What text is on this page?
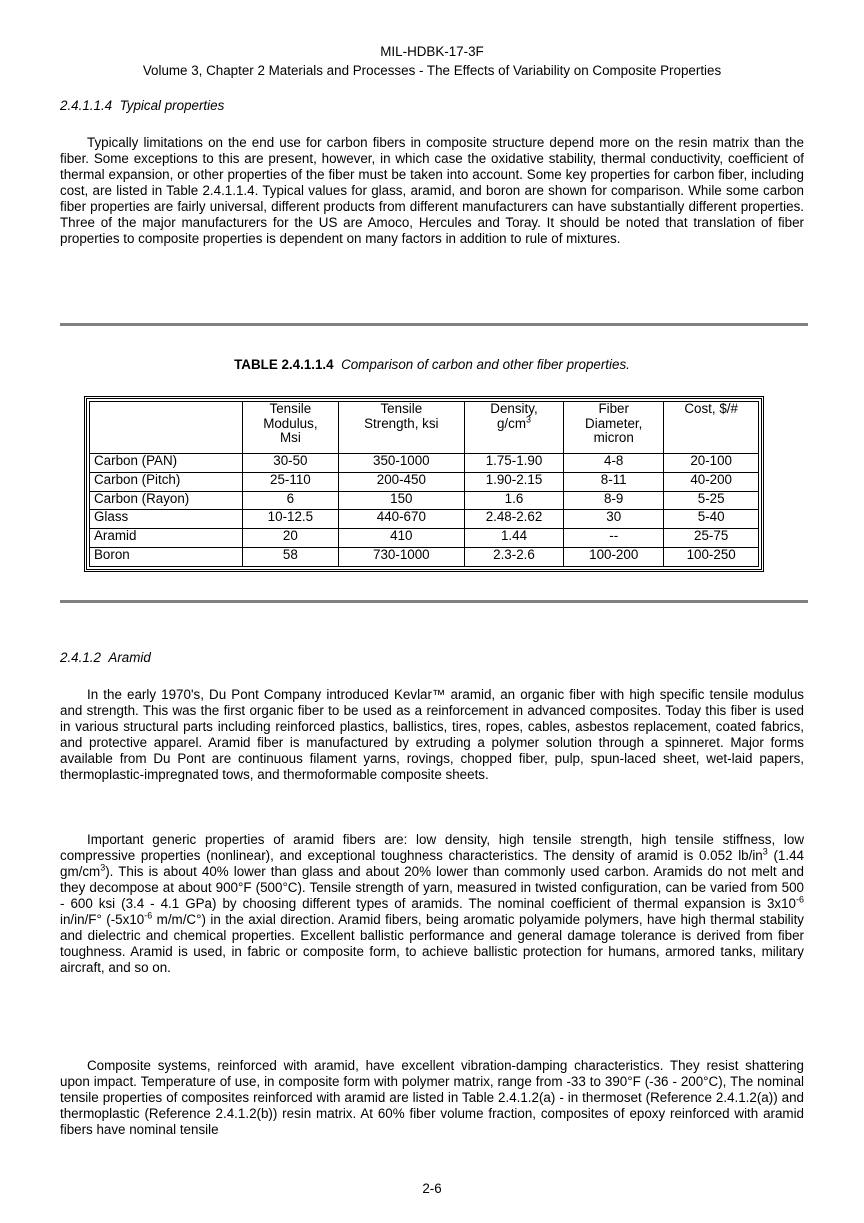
MIL-HDBK-17-3F
Volume 3, Chapter 2 Materials and Processes - The Effects of Variability on Composite Properties
2.4.1.1.4 Typical properties

Typically limitations on the end use for carbon fibers in composite structure depend more on the resin matrix than the fiber. Some exceptions to this are present, however, in which case the oxidative stability, thermal conductivity, coefficient of thermal expansion, or other properties of the fiber must be taken into account. Some key properties for carbon fiber, including cost, are listed in Table 2.4.1.1.4. Typical values for glass, aramid, and boron are shown for comparison. While some carbon fiber properties are fairly universal, different products from different manufacturers can have substantially different properties. Three of the major manufacturers for the US are Amoco, Hercules and Toray. It should be noted that translation of fiber properties to composite properties is dependent on many factors in addition to rule of mixtures.

TABLE 2.4.1.1.4 Comparison of carbon and other fiber properties.
	Tensile
Modulus,
Msi	Tensile
Strength, ksi	Density,
$g/cm^3$	Fiber
Diameter,
micron	Cost, $/#
Carbon (PAN)	30-50	350-1000	1.75-1.90	4-8	20-100
Carbon (Pitch)	25-110	200-450	1.90-2.15	8-11	40-200
Carbon (Rayon)	6	150	1.6	8-9	5-25
Glass	10-12.5	440-670	2.48-2.62	30	5-40
Aramid	20	410	1.44	--	25-75
Boron	58	730-1000	2.3-2.6	100-200	100-250
2.4.1.2 Aramid

In the early 1970's, Du Pont Company introduced Kevlar™ aramid, an organic fiber with high specific tensile modulus and strength. This was the first organic fiber to be used as a reinforcement in advanced composites. Today this fiber is used in various structural parts including reinforced plastics, ballistics, tires, ropes, cables, asbestos replacement, coated fabrics, and protective apparel. Aramid fiber is manufactured by extruding a polymer solution through a spinneret. Major forms available from Du Pont are continuous filament yarns, rovings, chopped fiber, pulp, spun-laced sheet, wet-laid papers, thermoplastic-impregnated tows, and thermoformable composite sheets.

Important generic properties of aramid fibers are: low density, high tensile strength, high tensile stiffness, low compressive properties (nonlinear), and exceptional toughness characteristics. The density of aramid is 0.052 $lb/in^3$ (1.44 $gm/cm^3$). This is about 40% lower than glass and about 20% lower than commonly used carbon. Aramids do not melt and they decompose at about 900°F (500°C). Tensile strength of yarn, measured in twisted configuration, can be varied from 500 - 600 ksi (3.4 - 4.1 GPa) by choosing different types of aramids. The nominal coefficient of thermal expansion is $3x10^{-6}$ in/in/F° ($-5x10^{-6}$ m/m/C°) in the axial direction. Aramid fibers, being aromatic polyamide polymers, have high thermal stability and dielectric and chemical properties. Excellent ballistic performance and general damage tolerance is derived from fiber toughness. Aramid is used, in fabric or composite form, to achieve ballistic protection for humans, armored tanks, military aircraft, and so on.

Composite systems, reinforced with aramid, have excellent vibration-damping characteristics. They resist shattering upon impact. Temperature of use, in composite form with polymer matrix, range from -33 to 390°F (-36 - 200°C), The nominal tensile properties of composites reinforced with aramid are listed in Table 2.4.1.2(a) - in thermoset (Reference 2.4.1.2(a)) and thermoplastic (Reference 2.4.1.2(b)) resin matrix. At 60% fiber volume fraction, composites of epoxy reinforced with aramid fibers have nominal tensile

2-6
